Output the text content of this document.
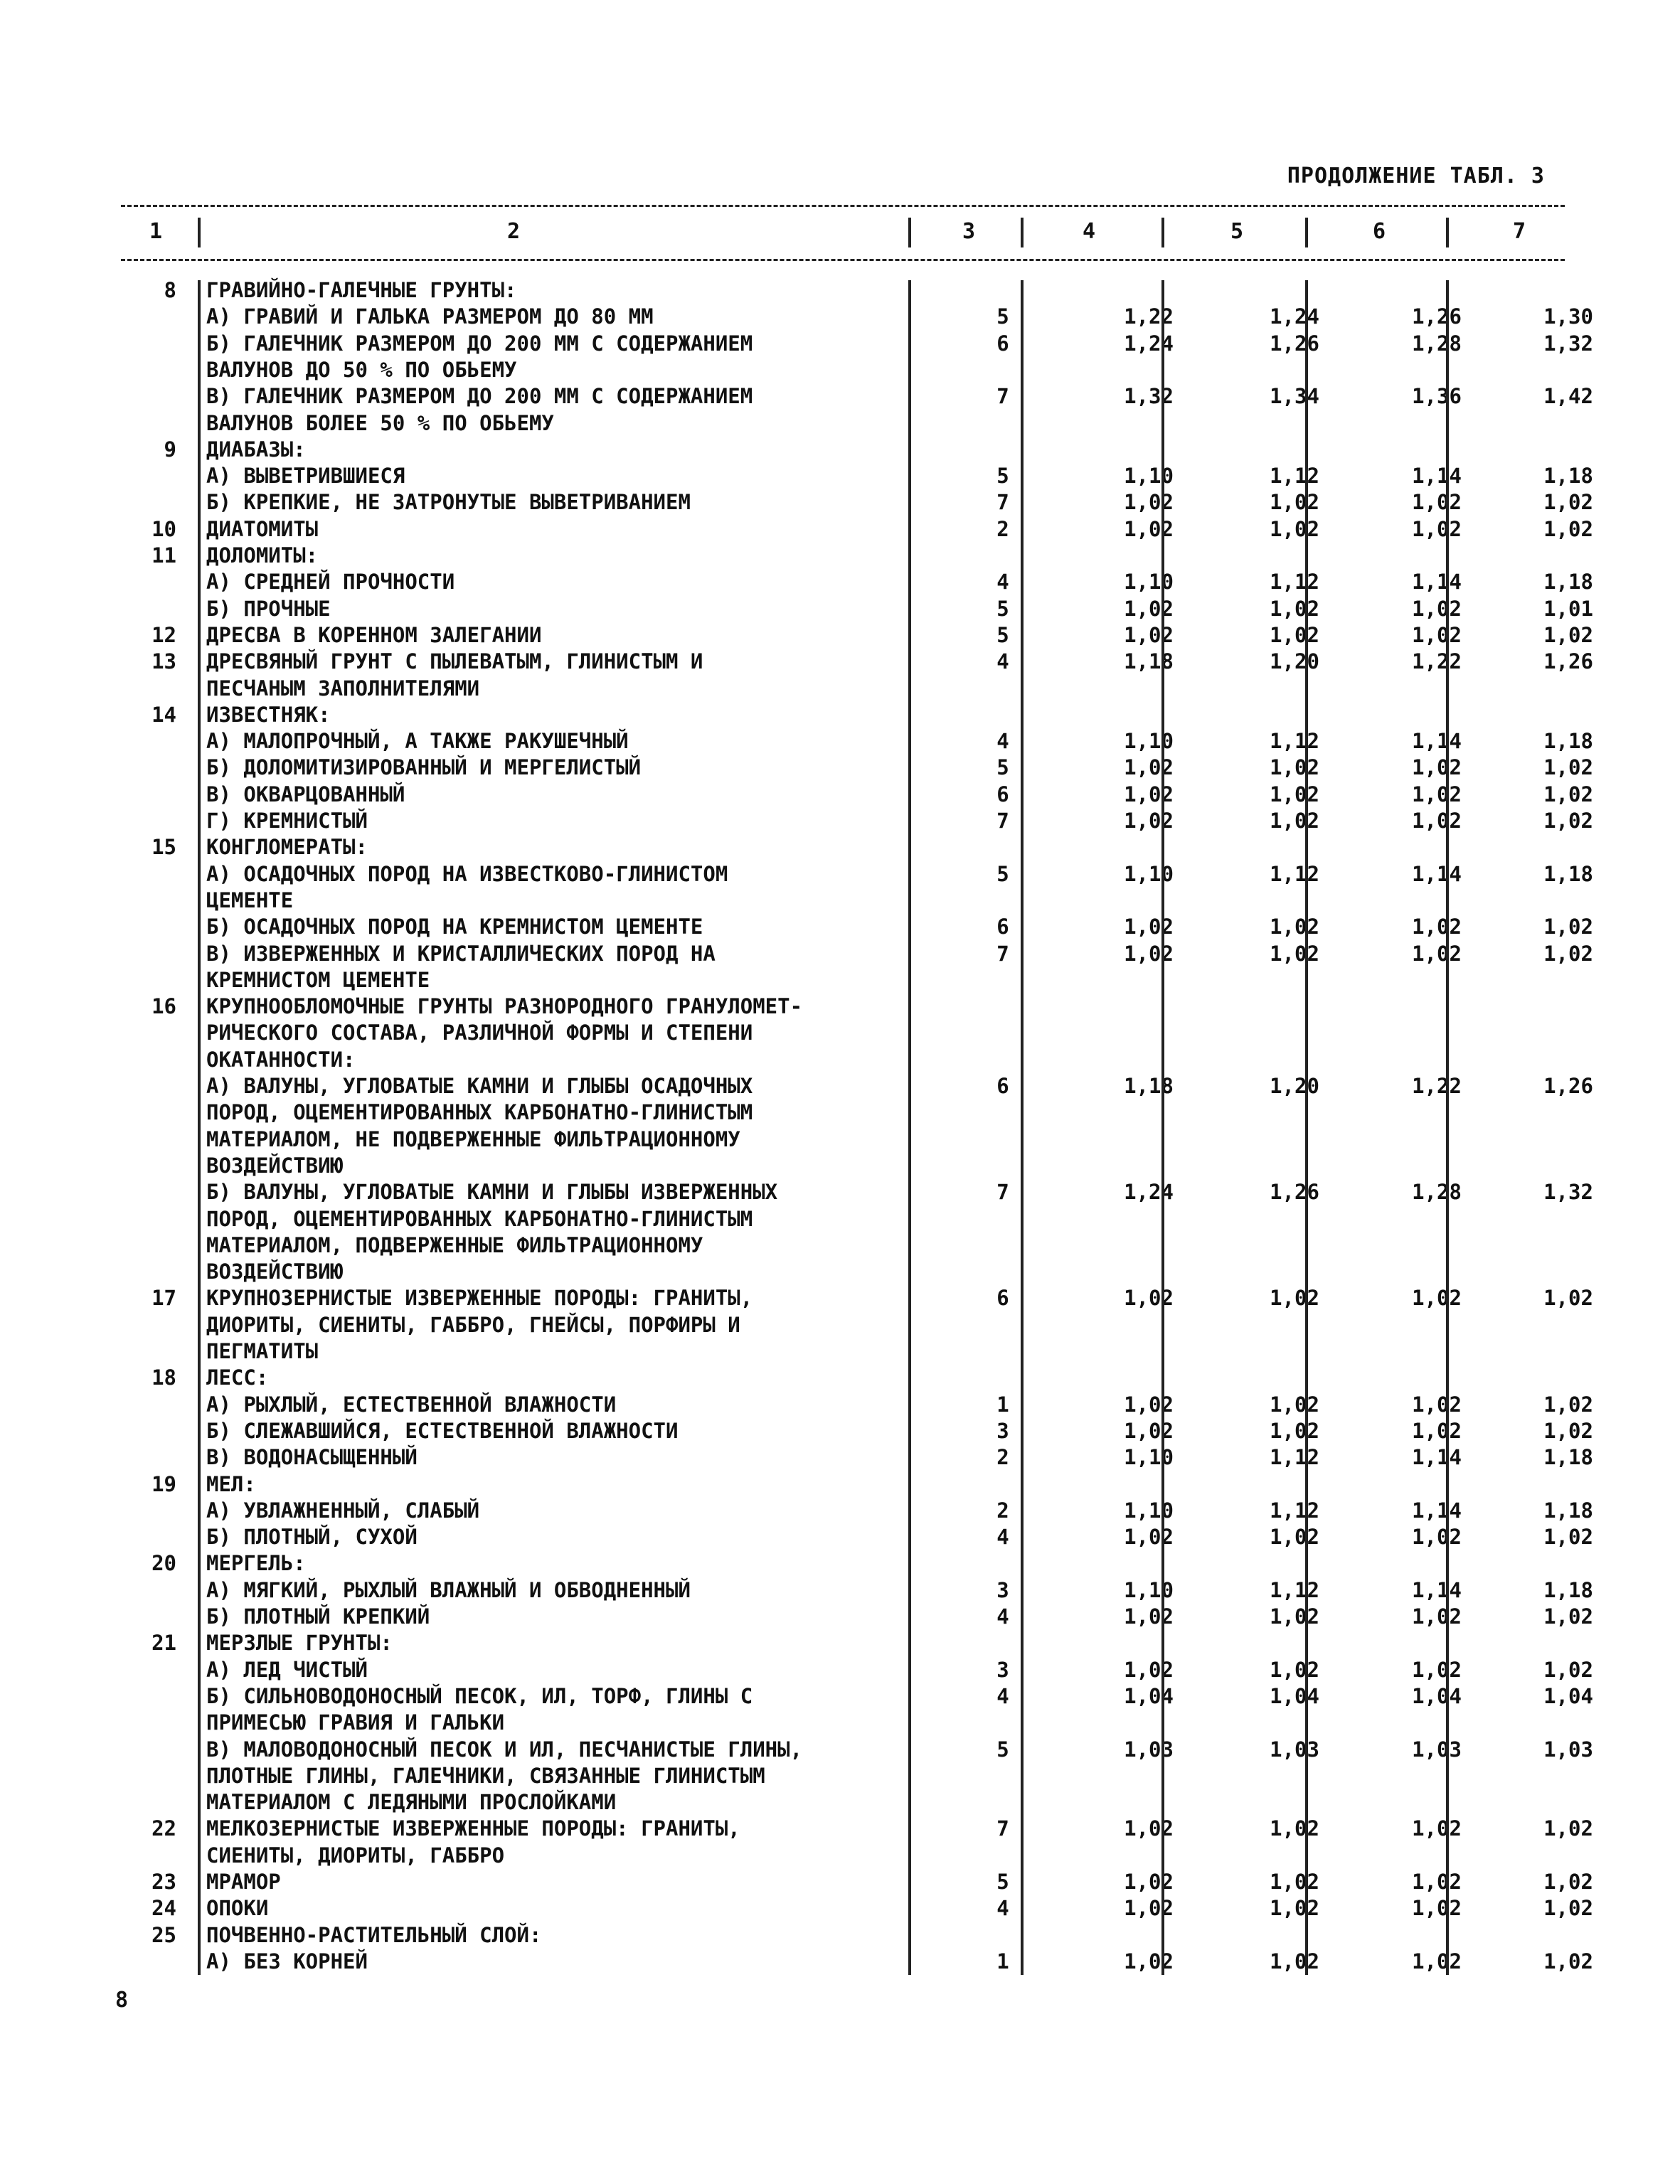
ПРОДОЛЖЕНИЕ ТАБЛ. 3
1	2	3	4	5	6	7
8 ГРАВИЙНО-ГАЛЕЧНЫЕ ГРУНТЫ:
А) ГРАВИЙ И ГАЛЬКА РАЗМЕРОМ ДО 80 ММ	5	1,22	1,24	1,26	1,30
Б) ГАЛЕЧНИК РАЗМЕРОМ ДО 200 ММ С СОДЕРЖАНИЕМ	6	1,24	1,26	1,28	1,32
ВАЛУНОВ ДО 50 % ПО ОБЬЕМУ
В) ГАЛЕЧНИК РАЗМЕРОМ ДО 200 ММ С СОДЕРЖАНИЕМ	7	1,32	1,34	1,36	1,42
ВАЛУНОВ БОЛЕЕ 50 % ПО ОБЬЕМУ
9 ДИАБАЗЫ:
А) ВЫВЕТРИВШИЕСЯ	5	1,10	1,12	1,14	1,18
Б) КРЕПКИЕ, НЕ ЗАТРОНУТЫЕ ВЫВЕТРИВАНИЕМ	7	1,02	1,02	1,02	1,02
10 ДИАТОМИТЫ	2	1,02	1,02	1,02	1,02
11 ДОЛОМИТЫ:
А) СРЕДНЕЙ ПРОЧНОСТИ	4	1,10	1,12	1,14	1,18
Б) ПРОЧНЫЕ	5	1,02	1,02	1,02	1,01
12 ДРЕСВА В КОРЕННОМ ЗАЛЕГАНИИ	5	1,02	1,02	1,02	1,02
13 ДРЕСВЯНЫЙ ГРУНТ С ПЫЛЕВАТЫМ, ГЛИНИСТЫМ И	4	1,18	1,20	1,22	1,26
ПЕСЧАНЫМ ЗАПОЛНИТЕЛЯМИ
14 ИЗВЕСТНЯК:
А) МАЛОПРОЧНЫЙ, А ТАКЖЕ РАКУШЕЧНЫЙ	4	1,10	1,12	1,14	1,18
Б) ДОЛОМИТИЗИРОВАННЫЙ И МЕРГЕЛИСТЫЙ	5	1,02	1,02	1,02	1,02
В) ОКВАРЦОВАННЫЙ	6	1,02	1,02	1,02	1,02
Г) КРЕМНИСТЫЙ	7	1,02	1,02	1,02	1,02
15 КОНГЛОМЕРАТЫ:
А) ОСАДОЧНЫХ ПОРОД НА ИЗВЕСТКОВО-ГЛИНИСТОМ	5	1,10	1,12	1,14	1,18
ЦЕМЕНТЕ
Б) ОСАДОЧНЫХ ПОРОД НА КРЕМНИСТОМ ЦЕМЕНТЕ	6	1,02	1,02	1,02	1,02
В) ИЗВЕРЖЕННЫХ И КРИСТАЛЛИЧЕСКИХ ПОРОД НА	7	1,02	1,02	1,02	1,02
КРЕМНИСТОМ ЦЕМЕНТЕ
16 КРУПНООБЛОМОЧНЫЕ ГРУНТЫ РАЗНОРОДНОГО ГРАНУЛОМЕТ-
РИЧЕСКОГО СОСТАВА, РАЗЛИЧНОЙ ФОРМЫ И СТЕПЕНИ
ОКАТАННОСТИ:
А) ВАЛУНЫ, УГЛОВАТЫЕ КАМНИ И ГЛЫБЫ ОСАДОЧНЫХ	6	1,18	1,20	1,22	1,26
ПОРОД, ОЦЕМЕНТИРОВАННЫХ КАРБОНАТНО-ГЛИНИСТЫМ
МАТЕРИАЛОМ, НЕ ПОДВЕРЖЕННЫЕ ФИЛЬТРАЦИОННОМУ
ВОЗДЕЙСТВИЮ
Б) ВАЛУНЫ, УГЛОВАТЫЕ КАМНИ И ГЛЫБЫ ИЗВЕРЖЕННЫХ	7	1,24	1,26	1,28	1,32
ПОРОД, ОЦЕМЕНТИРОВАННЫХ КАРБОНАТНО-ГЛИНИСТЫМ
МАТЕРИАЛОМ, ПОДВЕРЖЕННЫЕ ФИЛЬТРАЦИОННОМУ
ВОЗДЕЙСТВИЮ
17 КРУПНОЗЕРНИСТЫЕ ИЗВЕРЖЕННЫЕ ПОРОДЫ: ГРАНИТЫ,	6	1,02	1,02	1,02	1,02
ДИОРИТЫ, СИЕНИТЫ, ГАББРО, ГНЕЙСЫ, ПОРФИРЫ И
ПЕГМАТИТЫ
18 ЛЕСС:
А) РЫХЛЫЙ, ЕСТЕСТВЕННОЙ ВЛАЖНОСТИ	1	1,02	1,02	1,02	1,02
Б) СЛЕЖАВШИЙСЯ, ЕСТЕСТВЕННОЙ ВЛАЖНОСТИ	3	1,02	1,02	1,02	1,02
В) ВОДОНАСЫЩЕННЫЙ	2	1,10	1,12	1,14	1,18
19 МЕЛ:
А) УВЛАЖНЕННЫЙ, СЛАБЫЙ	2	1,10	1,12	1,14	1,18
Б) ПЛОТНЫЙ, СУХОЙ	4	1,02	1,02	1,02	1,02
20 МЕРГЕЛЬ:
А) МЯГКИЙ, РЫХЛЫЙ ВЛАЖНЫЙ И ОБВОДНЕННЫЙ	3	1,10	1,12	1,14	1,18
Б) ПЛОТНЫЙ КРЕПКИЙ	4	1,02	1,02	1,02	1,02
21 МЕРЗЛЫЕ ГРУНТЫ:
А) ЛЕД ЧИСТЫЙ	3	1,02	1,02	1,02	1,02
Б) СИЛЬНОВОДОНОСНЫЙ ПЕСОК, ИЛ, ТОРФ, ГЛИНЫ С	4	1,04	1,04	1,04	1,04
ПРИМЕСЬЮ ГРАВИЯ И ГАЛЬКИ
В) МАЛОВОДОНОСНЫЙ ПЕСОК И ИЛ, ПЕСЧАНИСТЫЕ ГЛИНЫ,	5	1,03	1,03	1,03	1,03
ПЛОТНЫЕ ГЛИНЫ, ГАЛЕЧНИКИ, СВЯЗАННЫЕ ГЛИНИСТЫМ
МАТЕРИАЛОМ С ЛЕДЯНЫМИ ПРОСЛОЙКАМИ
22 МЕЛКОЗЕРНИСТЫЕ ИЗВЕРЖЕННЫЕ ПОРОДЫ: ГРАНИТЫ,	7	1,02	1,02	1,02	1,02
СИЕНИТЫ, ДИОРИТЫ, ГАББРО
23 МРАМОР	5	1,02	1,02	1,02	1,02
24 ОПОКИ	4	1,02	1,02	1,02	1,02
25 ПОЧВЕННО-РАСТИТЕЛЬНЫЙ СЛОЙ:
А) БЕЗ КОРНЕЙ	1	1,02	1,02	1,02	1,02
8
